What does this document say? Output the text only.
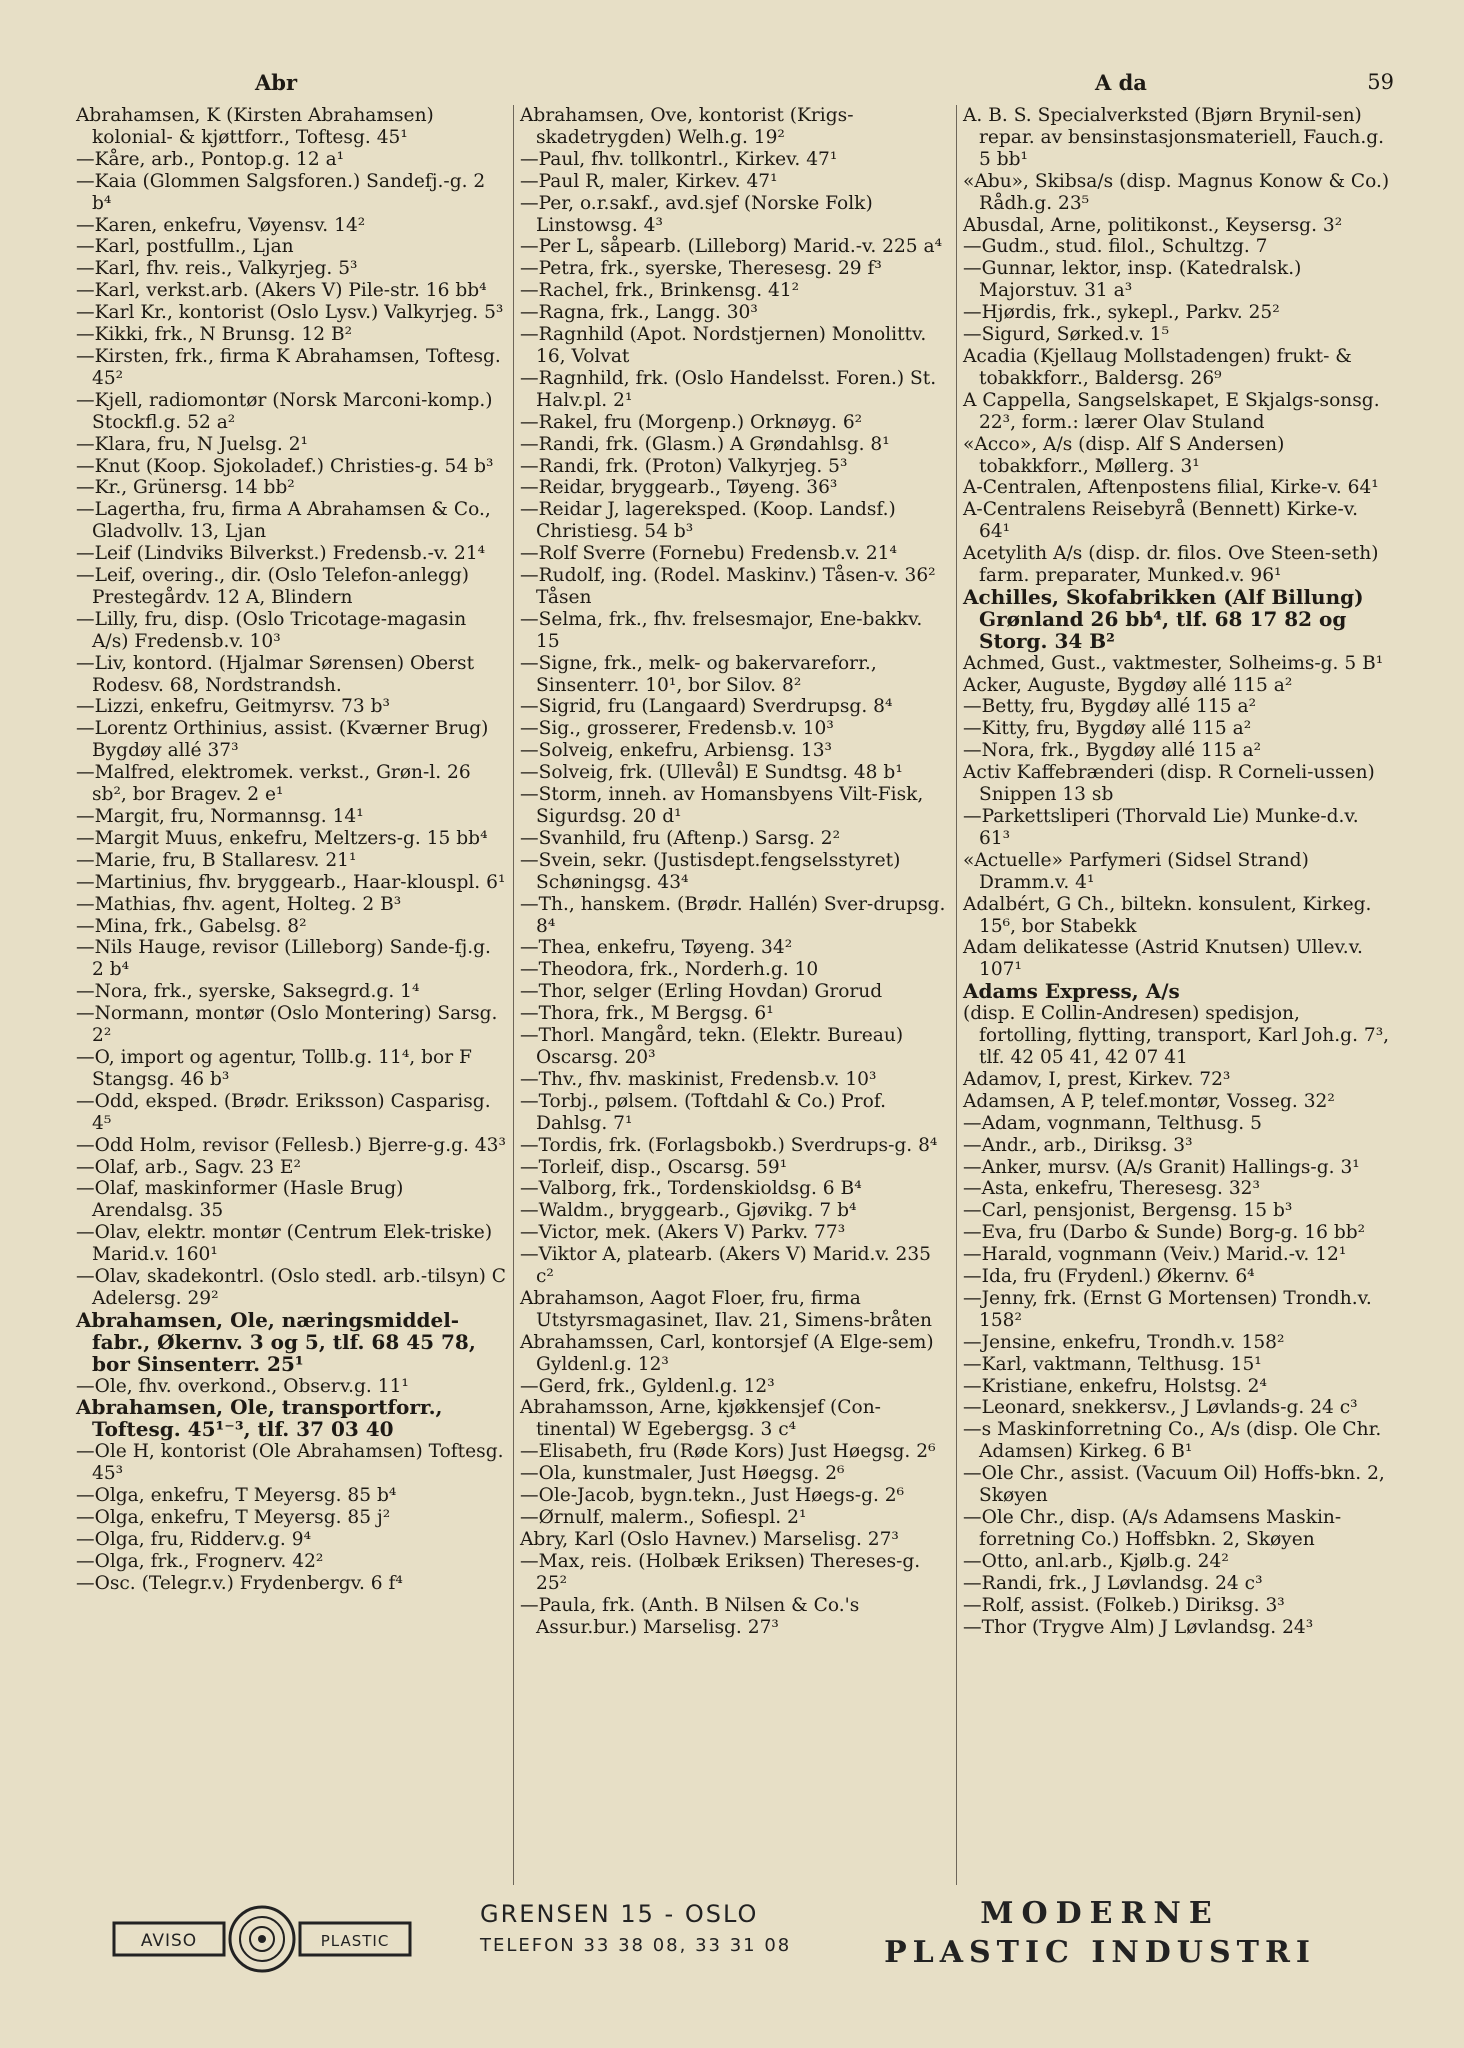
Abr	A da	59

Abrahamsen, K (Kirsten Abrahamsen) kolonial- & kjøttforr., Toftesg. 45¹

—Kåre, arb., Pontop.g. 12 a¹

—Kaia (Glommen Salgsforen.) Sandefj.-g. 2 b⁴

—Karen, enkefru, Vøyensv. 14²

—Karl, postfullm., Ljan

—Karl, fhv. reis., Valkyrjeg. 5³

—Karl, verkst.arb. (Akers V) Pile-str. 16 bb⁴

—Karl Kr., kontorist (Oslo Lysv.) Valkyrjeg. 5³

—Kikki, frk., N Brunsg. 12 B²

—Kirsten, frk., firma K Abrahamsen, Toftesg. 45²

—Kjell, radiomontør (Norsk Marconi-komp.) Stockfl.g. 52 a²

—Klara, fru, N Juelsg. 2¹

—Knut (Koop. Sjokoladef.) Christies-g. 54 b³

—Kr., Grünersg. 14 bb²

—Lagertha, fru, firma A Abrahamsen & Co., Gladvollv. 13, Ljan

—Leif (Lindviks Bilverkst.) Fredensb.-v. 21⁴

—Leif, overing., dir. (Oslo Telefon-anlegg) Prestegårdv. 12 A, Blindern

—Lilly, fru, disp. (Oslo Tricotage-magasin A/s) Fredensb.v. 10³

—Liv, kontord. (Hjalmar Sørensen) Oberst Rodesv. 68, Nordstrandsh.

—Lizzi, enkefru, Geitmyrsv. 73 b³

—Lorentz Orthinius, assist. (Kværner Brug) Bygdøy allé 37³

—Malfred, elektromek. verkst., Grøn-l. 26 sb², bor Bragev. 2 e¹

—Margit, fru, Normannsg. 14¹

—Margit Muus, enkefru, Meltzers-g. 15 bb⁴

—Marie, fru, B Stallaresv. 21¹

—Martinius, fhv. bryggearb., Haar-klouspl. 6¹

—Mathias, fhv. agent, Holteg. 2 B³

—Mina, frk., Gabelsg. 8²

—Nils Hauge, revisor (Lilleborg) Sande-fj.g. 2 b⁴

—Nora, frk., syerske, Saksegrd.g. 1⁴

—Normann, montør (Oslo Montering) Sarsg. 2²

—O, import og agentur, Tollb.g. 11⁴, bor F Stangsg. 46 b³

—Odd, eksped. (Brødr. Eriksson) Casparisg. 4⁵

—Odd Holm, revisor (Fellesb.) Bjerre-g.g. 43³

—Olaf, arb., Sagv. 23 E²

—Olaf, maskinformer (Hasle Brug) Arendalsg. 35

—Olav, elektr. montør (Centrum Elek-triske) Marid.v. 160¹

—Olav, skadekontrl. (Oslo stedl. arb.-tilsyn) C Adelersg. 29²

Abrahamsen, Ole, næringsmiddel-fabr., Økernv. 3 og 5, tlf. 68 45 78, bor Sinsenterr. 25¹

—Ole, fhv. overkond., Observ.g. 11¹

Abrahamsen, Ole, transportforr., Toftesg. 45¹⁻³, tlf. 37 03 40

—Ole H, kontorist (Ole Abrahamsen) Toftesg. 45³

—Olga, enkefru, T Meyersg. 85 b⁴

—Olga, enkefru, T Meyersg. 85 j²

—Olga, fru, Ridderv.g. 9⁴

—Olga, frk., Frognerv. 42²

—Osc. (Telegr.v.) Frydenbergv. 6 f⁴

Abrahamsen, Ove, kontorist (Krigs-skadetrygden) Welh.g. 19²

—Paul, fhv. tollkontrl., Kirkev. 47¹

—Paul R, maler, Kirkev. 47¹

—Per, o.r.sakf., avd.sjef (Norske Folk) Linstowsg. 4³

—Per L, såpearb. (Lilleborg) Marid.-v. 225 a⁴

—Petra, frk., syerske, Theresesg. 29 f³

—Rachel, frk., Brinkensg. 41²

—Ragna, frk., Langg. 30³

—Ragnhild (Apot. Nordstjernen) Monolittv. 16, Volvat

—Ragnhild, frk. (Oslo Handelsst. Foren.) St. Halv.pl. 2¹

—Rakel, fru (Morgenp.) Orknøyg. 6²

—Randi, frk. (Glasm.) A Grøndahlsg. 8¹

—Randi, frk. (Proton) Valkyrjeg. 5³

—Reidar, bryggearb., Tøyeng. 36³

—Reidar J, lagereksped. (Koop. Landsf.) Christiesg. 54 b³

—Rolf Sverre (Fornebu) Fredensb.v. 21⁴

—Rudolf, ing. (Rodel. Maskinv.) Tåsen-v. 36² Tåsen

—Selma, frk., fhv. frelsesmajor, Ene-bakkv. 15

—Signe, frk., melk- og bakervareforr., Sinsenterr. 10¹, bor Silov. 8²

—Sigrid, fru (Langaard) Sverdrupsg. 8⁴

—Sig., grosserer, Fredensb.v. 10³

—Solveig, enkefru, Arbiensg. 13³

—Solveig, frk. (Ullevål) E Sundtsg. 48 b¹

—Storm, inneh. av Homansbyens Vilt-Fisk, Sigurdsg. 20 d¹

—Svanhild, fru (Aftenp.) Sarsg. 2²

—Svein, sekr. (Justisdept.fengselsstyret) Schøningsg. 43⁴

—Th., hanskem. (Brødr. Hallén) Sver-drupsg. 8⁴

—Thea, enkefru, Tøyeng. 34²

—Theodora, frk., Norderh.g. 10

—Thor, selger (Erling Hovdan) Grorud

—Thora, frk., M Bergsg. 6¹

—Thorl. Mangård, tekn. (Elektr. Bureau) Oscarsg. 20³

—Thv., fhv. maskinist, Fredensb.v. 10³

—Torbj., pølsem. (Toftdahl & Co.) Prof. Dahlsg. 7¹

—Tordis, frk. (Forlagsbokb.) Sverdrups-g. 8⁴

—Torleif, disp., Oscarsg. 59¹

—Valborg, frk., Tordenskioldsg. 6 B⁴

—Waldm., bryggearb., Gjøvikg. 7 b⁴

—Victor, mek. (Akers V) Parkv. 77³

—Viktor A, platearb. (Akers V) Marid.v. 235 c²

Abrahamson, Aagot Floer, fru, firma Utstyrsmagasinet, Ilav. 21, Simens-bråten

Abrahamssen, Carl, kontorsjef (A Elge-sem) Gyldenl.g. 12³

—Gerd, frk., Gyldenl.g. 12³

Abrahamsson, Arne, kjøkkensjef (Con-tinental) W Egebergsg. 3 c⁴

—Elisabeth, fru (Røde Kors) Just Høegsg. 2⁶

—Ola, kunstmaler, Just Høegsg. 2⁶

—Ole-Jacob, bygn.tekn., Just Høegs-g. 2⁶

—Ørnulf, malerm., Sofiespl. 2¹

Abry, Karl (Oslo Havnev.) Marselisg. 27³

—Max, reis. (Holbæk Eriksen) Thereses-g. 25²

—Paula, frk. (Anth. B Nilsen & Co.'s Assur.bur.) Marselisg. 27³

A. B. S. Specialverksted (Bjørn Brynil-sen) repar. av bensinstasjonsmateriell, Fauch.g. 5 bb¹

«Abu», Skibsa/s (disp. Magnus Konow & Co.) Rådh.g. 23⁵

Abusdal, Arne, politikonst., Keysersg. 3²

—Gudm., stud. filol., Schultzg. 7

—Gunnar, lektor, insp. (Katedralsk.) Majorstuv. 31 a³

—Hjørdis, frk., sykepl., Parkv. 25²

—Sigurd, Sørked.v. 1⁵

Acadia (Kjellaug Mollstadengen) frukt- & tobakkforr., Baldersg. 26⁹

A Cappella, Sangselskapet, E Skjalgs-sonsg. 22³, form.: lærer Olav Stuland

«Acco», A/s (disp. Alf S Andersen) tobakkforr., Møllerg. 3¹

A-Centralen, Aftenpostens filial, Kirke-v. 64¹

A-Centralens Reisebyrå (Bennett) Kirke-v. 64¹

Acetylith A/s (disp. dr. filos. Ove Steen-seth) farm. preparater, Munked.v. 96¹

Achilles, Skofabrikken (Alf Billung) Grønland 26 bb⁴, tlf. 68 17 82 og Storg. 34 B²

Achmed, Gust., vaktmester, Solheims-g. 5 B¹

Acker, Auguste, Bygdøy allé 115 a²

—Betty, fru, Bygdøy allé 115 a²

—Kitty, fru, Bygdøy allé 115 a²

—Nora, frk., Bygdøy allé 115 a²

Activ Kaffebrænderi (disp. R Corneli-ussen) Snippen 13 sb

—Parkettsliperi (Thorvald Lie) Munke-d.v. 61³

«Actuelle» Parfymeri (Sidsel Strand) Dramm.v. 4¹

Adalbért, G Ch., biltekn. konsulent, Kirkeg. 15⁶, bor Stabekk

Adam delikatesse (Astrid Knutsen) Ullev.v. 107¹

Adams Express, A/s

(disp. E Collin-Andresen) spedisjon, fortolling, flytting, transport, Karl Joh.g. 7³, tlf. 42 05 41, 42 07 41

Adamov, I, prest, Kirkev. 72³

Adamsen, A P, telef.montør, Vosseg. 32²

—Adam, vognmann, Telthusg. 5

—Andr., arb., Diriksg. 3³

—Anker, mursv. (A/s Granit) Hallings-g. 3¹

—Asta, enkefru, Theresesg. 32³

—Carl, pensjonist, Bergensg. 15 b³

—Eva, fru (Darbo & Sunde) Borg-g. 16 bb²

—Harald, vognmann (Veiv.) Marid.-v. 12¹

—Ida, fru (Frydenl.) Økernv. 6⁴

—Jenny, frk. (Ernst G Mortensen) Trondh.v. 158²

—Jensine, enkefru, Trondh.v. 158²

—Karl, vaktmann, Telthusg. 15¹

—Kristiane, enkefru, Holstsg. 2⁴

—Leonard, snekkersv., J Løvlands-g. 24 c³

—s Maskinforretning Co., A/s (disp. Ole Chr. Adamsen) Kirkeg. 6 B¹

—Ole Chr., assist. (Vacuum Oil) Hoffs-bkn. 2, Skøyen

—Ole Chr., disp. (A/s Adamsens Maskin-forretning Co.) Hoffsbkn. 2, Skøyen

—Otto, anl.arb., Kjølb.g. 24²

—Randi, frk., J Løvlandsg. 24 c³

—Rolf, assist. (Folkeb.) Diriksg. 3³

—Thor (Trygve Alm) J Løvlandsg. 24³

AVISO	PLASTIC
GRENSEN 15 - OSLO
TELEFON 33 38 08, 33 31 08
MODERNE
PLASTIC INDUSTRI
